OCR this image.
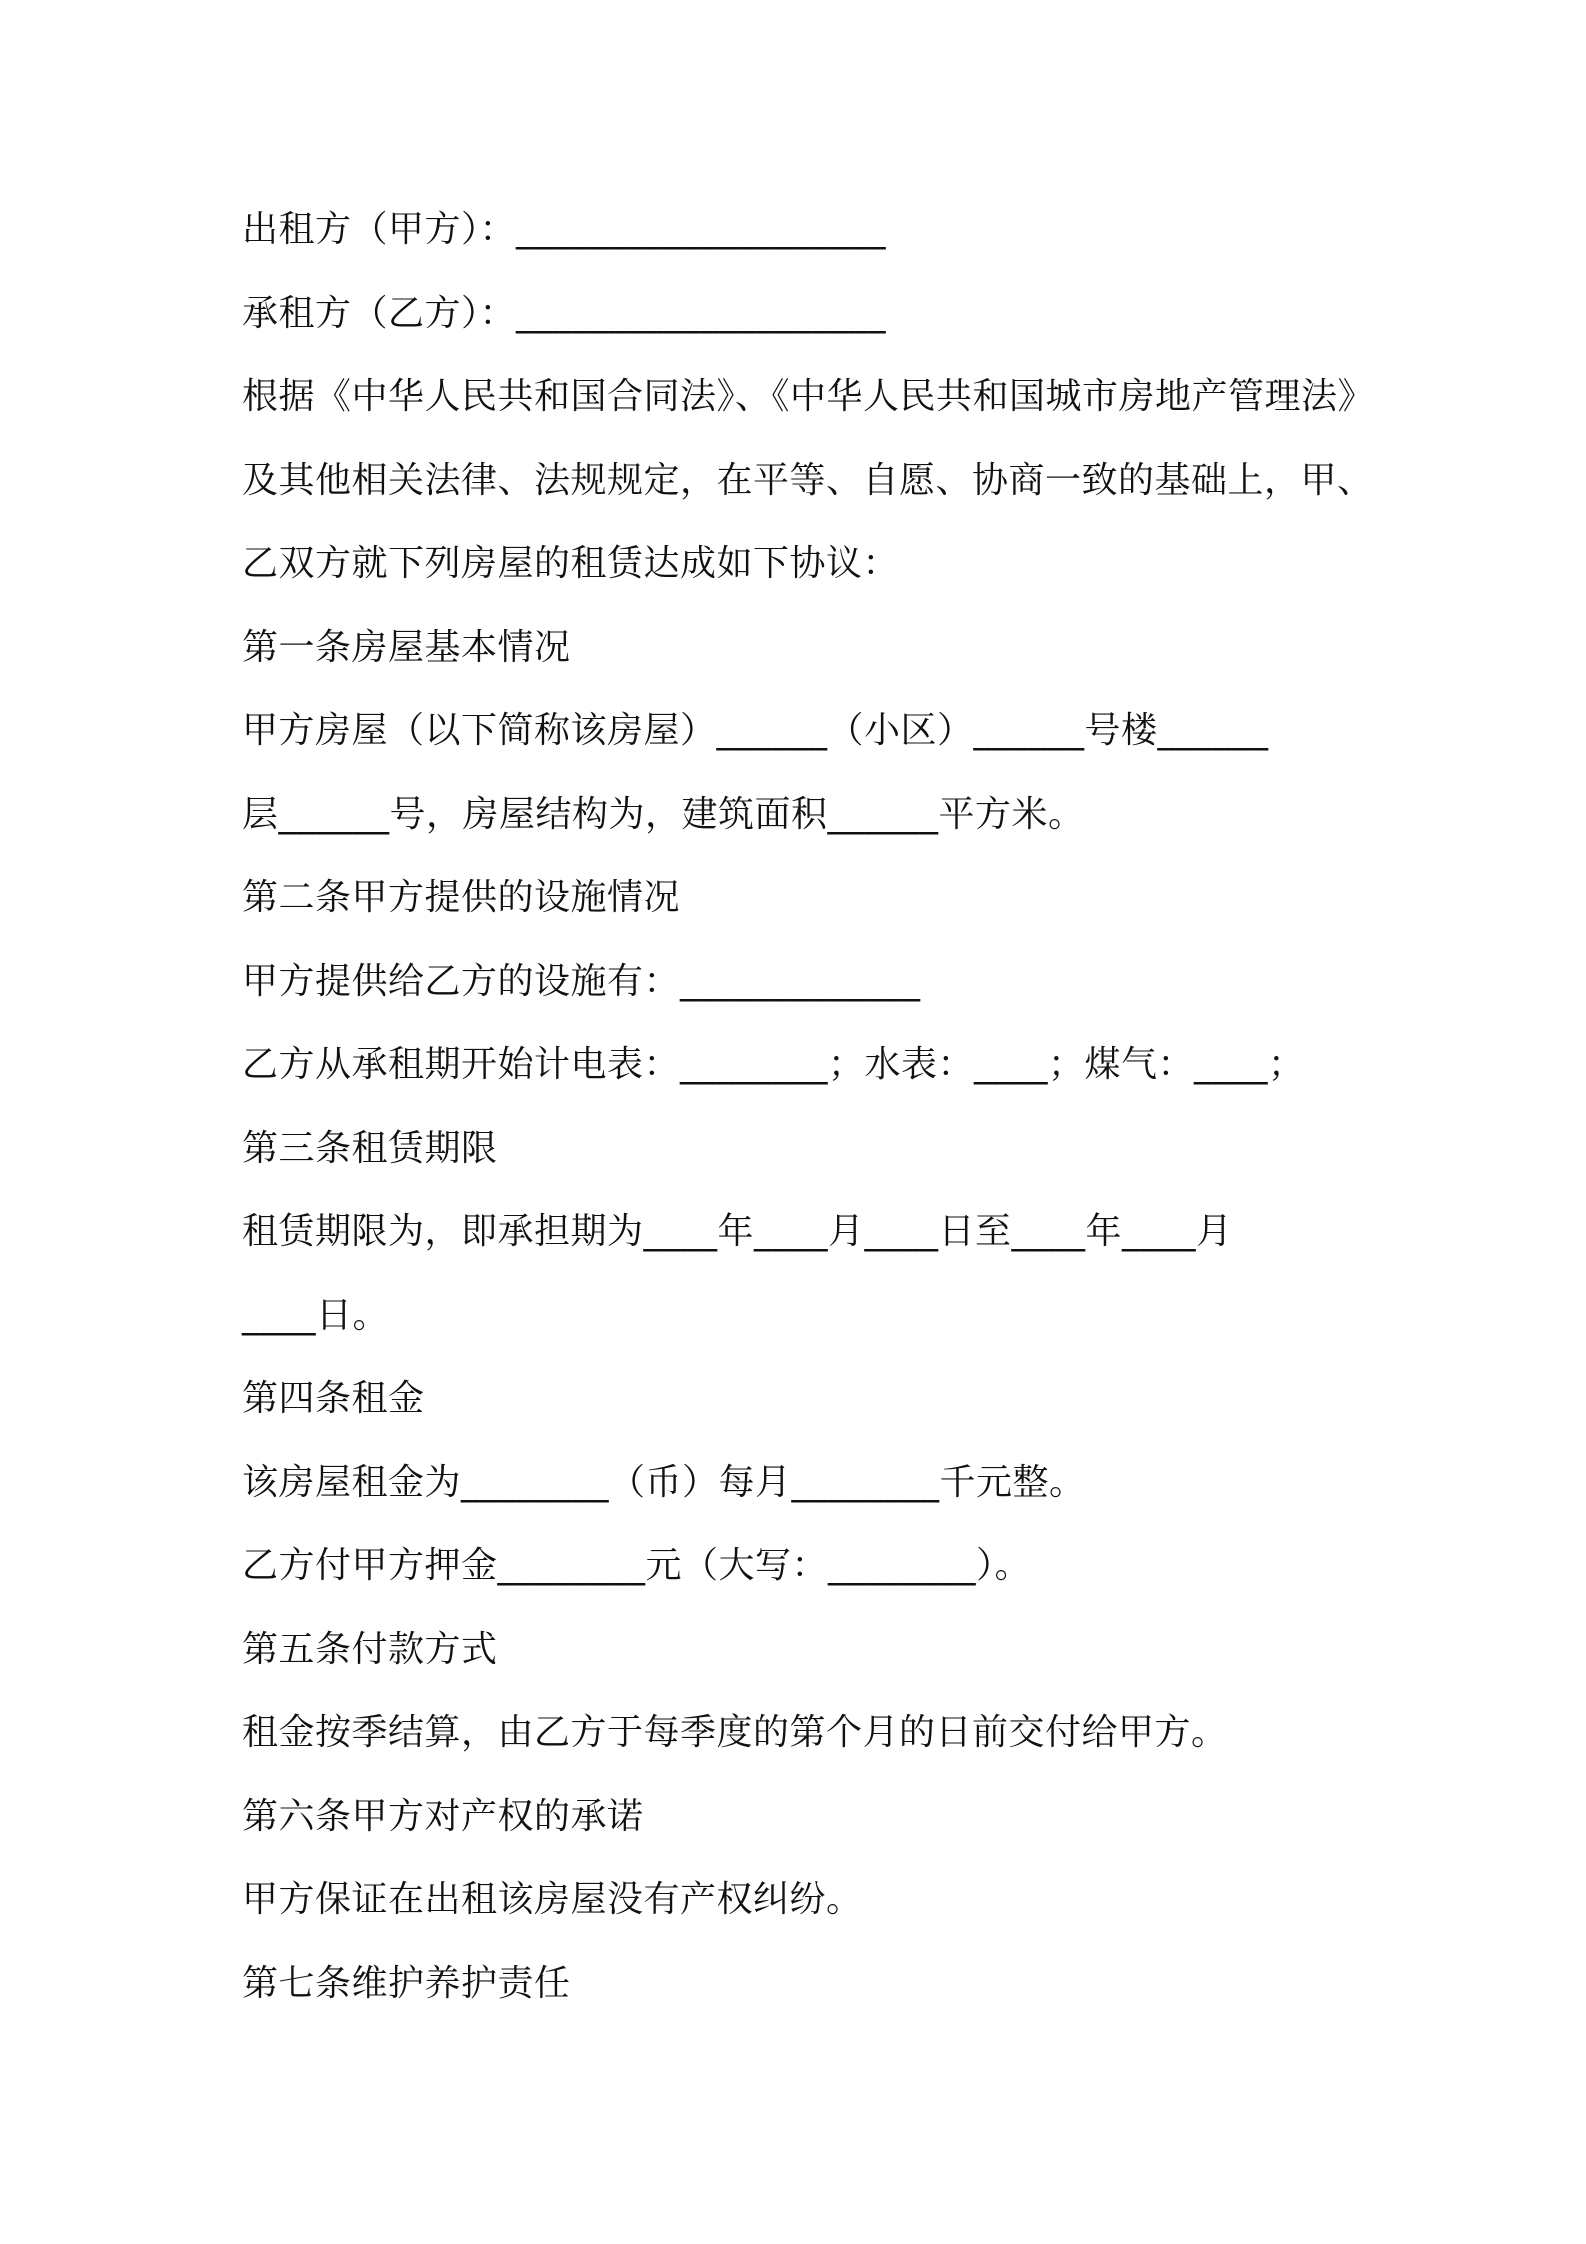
出租方（甲方）：____________________
承租方（乙方）：____________________
根据《中华人民共和国合同法》、《中华人民共和国城市房地产管理法》
及其他相关法律、法规规定，在平等、自愿、协商一致的基础上，甲、
乙双方就下列房屋的租赁达成如下协议：
第一条房屋基本情况
甲方房屋（以下简称该房屋）______（小区）______号楼______
层______号，房屋结构为，建筑面积______平方米。
第二条甲方提供的设施情况
甲方提供给乙方的设施有：_____________
乙方从承租期开始计电表：________；水表：____；煤气：____；
第三条租赁期限
租赁期限为，即承担期为____年____月____日至____年____月
____日。
第四条租金
该房屋租金为________（币）每月________千元整。
乙方付甲方押金________元（大写：________）。
第五条付款方式
租金按季结算，由乙方于每季度的第个月的日前交付给甲方。
第六条甲方对产权的承诺
甲方保证在出租该房屋没有产权纠纷。
第七条维护养护责任
